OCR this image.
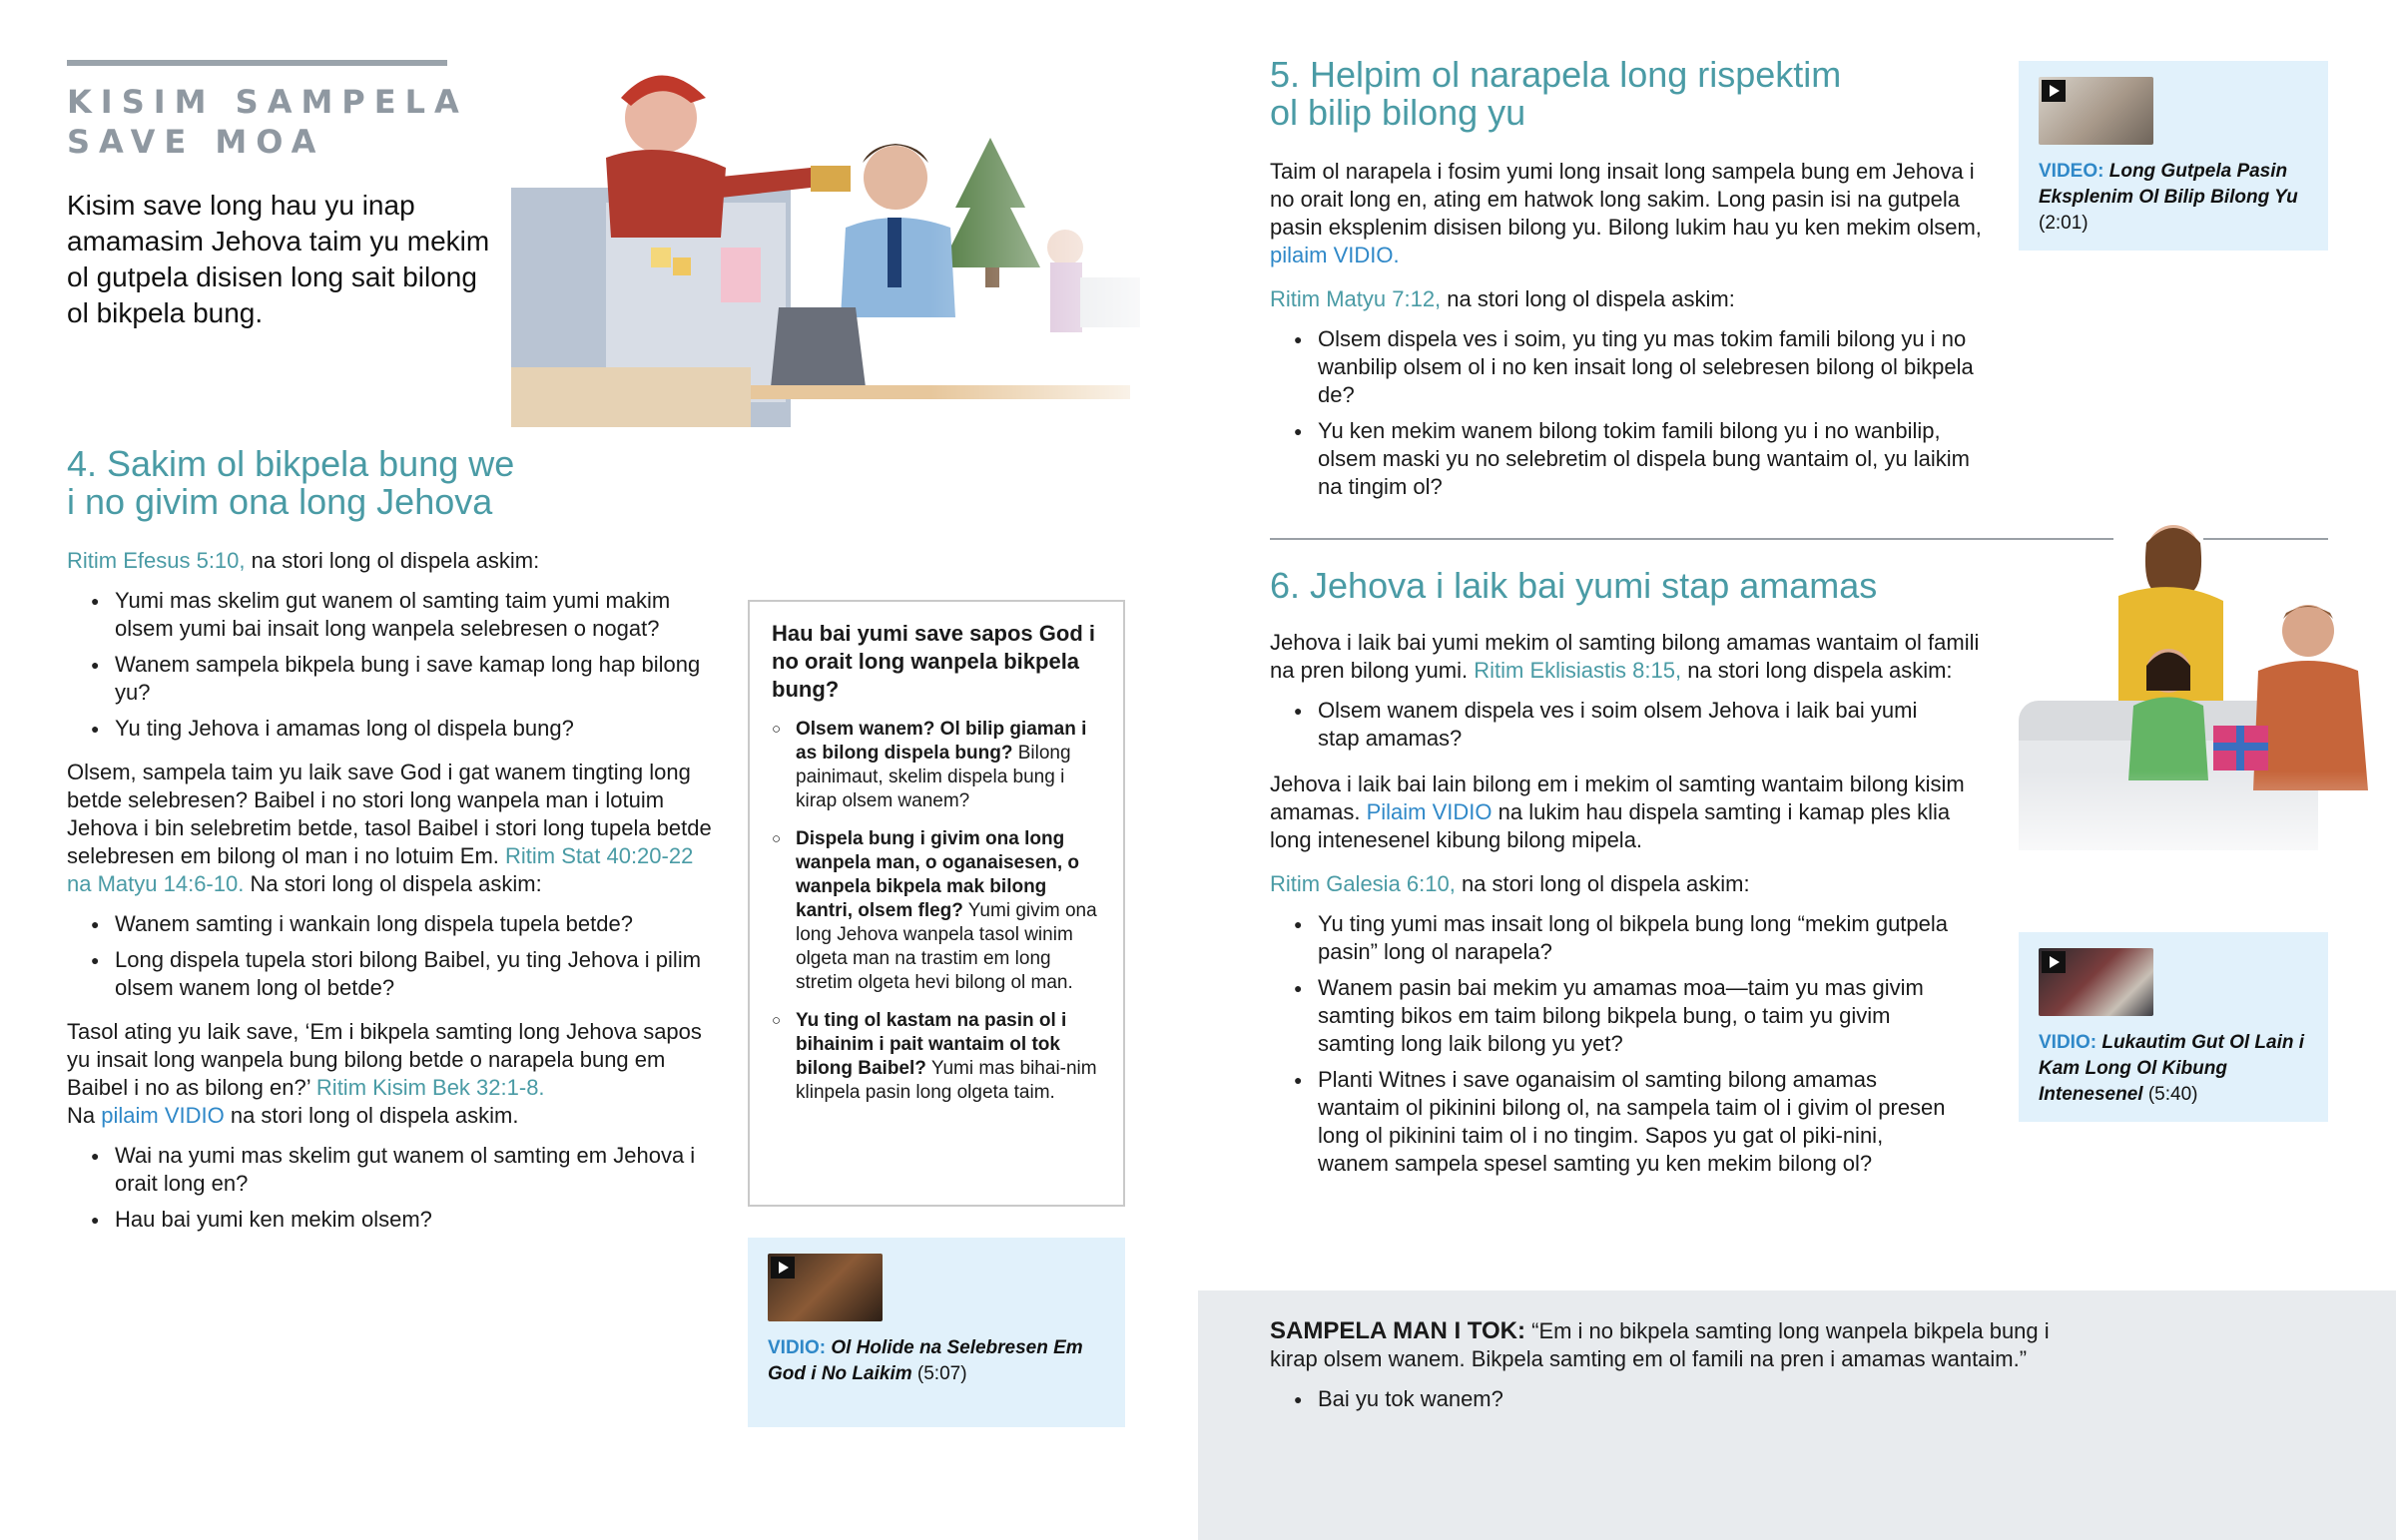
KISIM SAMPELA
SAVE MOA
Kisim save long hau yu inap amamasim Jehova taim yu mekim ol gutpela disisen long sait bilong ol bikpela bung.
4. Sakim ol bikpela bung we
i no givim ona long Jehova
Ritim Efesus 5:10, na stori long ol dispela askim:
● Yumi mas skelim gut wanem ol samting taim yumi makim olsem yumi bai insait long wanpela selebresen o nogat?
● Wanem sampela bikpela bung i save kamap long hap bilong yu?
● Yu ting Jehova i amamas long ol dispela bung?
Olsem, sampela taim yu laik save God i gat wanem tingting long betde selebresen? Baibel i no stori long wanpela man i lotuim Jehova i bin selebretim betde, tasol Baibel i stori long tupela betde selebresen em bilong ol man i no lotuim Em. Ritim Stat 40:20-22 na Matyu 14:6-10. Na stori long ol dispela askim:
● Wanem samting i wankain long dispela tupela betde?
● Long dispela tupela stori bilong Baibel, yu ting Jehova i pilim olsem wanem long ol betde?
Tasol ating yu laik save, ‘Em i bikpela samting long Jehova sapos yu insait long wanpela bung bilong betde o narapela bung em Baibel i no as bilong en?’ Ritim Kisim Bek 32:1-8.
Na pilaim VIDIO na stori long ol dispela askim.
● Wai na yumi mas skelim gut wanem ol samting em Jehova i orait long en?
● Hau bai yumi ken mekim olsem?
Hau bai yumi save sapos God i no orait long wanpela bikpela bung?
○ Olsem wanem? Ol bilip giaman i as bilong dispela bung? Bilong painimaut, skelim dispela bung i kirap olsem wanem?
○ Dispela bung i givim ona long wanpela man, o oganaisesen, o wanpela bikpela mak bilong kantri, olsem fleg? Yumi givim ona long Jehova wanpela tasol winim olgeta man na trastim em long stretim olgeta hevi bilong ol man.
○ Yu ting ol kastam na pasin ol i bihainim i pait wantaim ol tok bilong Baibel? Yumi mas bihai-nim klinpela pasin long olgeta taim.
VIDIO: Ol Holide na Selebresen Em God i No Laikim (5:07)
5. Helpim ol narapela long rispektim
ol bilip bilong yu
Taim ol narapela i fosim yumi long insait long sampela bung em Jehova i no orait long en, ating em hatwok long sakim. Long pasin isi na gutpela pasin eksplenim disisen bilong yu. Bilong lukim hau yu ken mekim olsem, pilaim VIDIO.
Ritim Matyu 7:12, na stori long ol dispela askim:
● Olsem dispela ves i soim, yu ting yu mas tokim famili bilong yu i no wanbilip olsem ol i no ken insait long ol selebresen bilong ol bikpela de?
● Yu ken mekim wanem bilong tokim famili bilong yu i no wanbilip, olsem maski yu no selebretim ol dispela bung wantaim ol, yu laikim na tingim ol?
VIDEO: Long Gutpela Pasin Eksplenim Ol Bilip Bilong Yu (2:01)
6. Jehova i laik bai yumi stap amamas
Jehova i laik bai yumi mekim ol samting bilong amamas wantaim ol famili na pren bilong yumi. Ritim Eklisiastis 8:15, na stori long dispela askim:
● Olsem wanem dispela ves i soim olsem Jehova i laik bai yumi stap amamas?
Jehova i laik bai lain bilong em i mekim ol samting wantaim bilong kisim amamas. Pilaim VIDIO na lukim hau dispela samting i kamap ples klia long intenesenel kibung bilong mipela.
Ritim Galesia 6:10, na stori long ol dispela askim:
● Yu ting yumi mas insait long ol bikpela bung long “mekim gutpela pasin” long ol narapela?
● Wanem pasin bai mekim yu amamas moa—taim yu mas givim samting bikos em taim bilong bikpela bung, o taim yu givim samting long laik bilong yu yet?
● Planti Witnes i save oganaisim ol samting bilong amamas wantaim ol pikinini bilong ol, na sampela taim ol i givim ol presen long ol pikinini taim ol i no tingim. Sapos yu gat ol piki-nini, wanem sampela spesel samting yu ken mekim bilong ol?
VIDIO: Lukautim Gut Ol Lain i Kam Long Ol Kibung Intenesenel (5:40)
SAMPELA MAN I TOK: “Em i no bikpela samting long wanpela bikpela bung i kirap olsem wanem. Bikpela samting em ol famili na pren i amamas wantaim.”
● Bai yu tok wanem?
